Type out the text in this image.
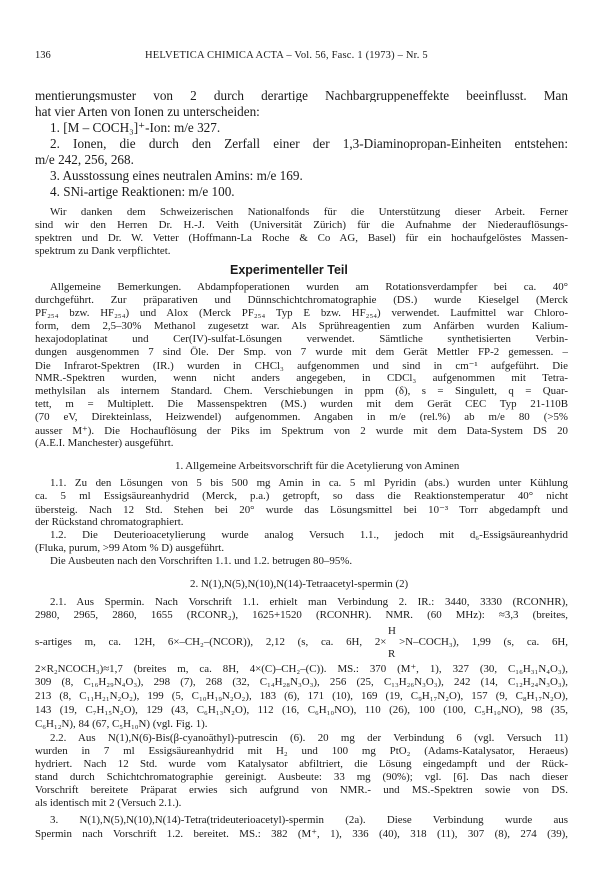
136	HELVETICA CHIMICA ACTA – Vol. 56, Fasc. 1 (1973) – Nr. 5

mentierungsmuster von 2 durch derartige Nachbargruppeneffekte beeinflusst. Man

hat vier Arten von Ionen zu unterscheiden:

1. [M – COCH₃]⁺-Ion: m/e 327.

2. Ionen, die durch den Zerfall einer der 1,3-Diaminopropan-Einheiten entstehen:

m/e 242, 256, 268.

3. Ausstossung eines neutralen Amins: m/e 169.

4. SNi-artige Reaktionen: m/e 100.

Wir danken dem Schweizerischen Nationalfonds für die Unterstützung dieser Arbeit. Ferner

sind wir den Herren Dr. H.-J. Veith (Universität Zürich) für die Aufnahme der Niederauflösungs-

spektren und Dr. W. Vetter (Hoffmann-La Roche & Co AG, Basel) für ein hochaufgelöstes Massen-

spektrum zu Dank verpflichtet.

Experimenteller Teil

Allgemeine Bemerkungen. Abdampfoperationen wurden am Rotationsverdampfer bei ca. 40°

durchgeführt. Zur präparativen und Dünnschichtchromatographie (DS.) wurde Kieselgel (Merck

PF₂₅₄ bzw. HF₂₅₄) und Alox (Merck PF₂₅₄ Typ E bzw. HF₂₅₄) verwendet. Laufmittel war Chloro-

form, dem 2,5–30% Methanol zugesetzt war. Als Sprühreagentien zum Anfärben wurden Kalium-

hexajodoplatinat und Cer(IV)-sulfat-Lösungen verwendet. Sämtliche synthetisierten Verbin-

dungen ausgenommen 7 sind Öle. Der Smp. von 7 wurde mit dem Gerät Mettler FP-2 gemessen. –

Die Infrarot-Spektren (IR.) wurden in CHCl₃ aufgenommen und sind in cm⁻¹ aufgeführt. Die

NMR.-Spektren wurden, wenn nicht anders angegeben, in CDCl₃ aufgenommen mit Tetra-

methylsilan als internem Standard. Chem. Verschiebungen in ppm (δ), s = Singulett, q = Quar-

tett, m = Multiplett. Die Massenspektren (MS.) wurden mit dem Gerät CEC Typ 21-110B

(70 eV, Direkteinlass, Heizwendel) aufgenommen. Angaben in m/e (rel.%) ab m/e 80 (>5%

ausser M⁺). Die Hochauflösung der Piks im Spektrum von 2 wurde mit dem Data-System DS 20

(A.E.I. Manchester) ausgeführt.

1. Allgemeine Arbeitsvorschrift für die Acetylierung von Aminen

1.1. Zu den Lösungen von 5 bis 500 mg Amin in ca. 5 ml Pyridin (abs.) wurden unter Kühlung

ca. 5 ml Essigsäureanhydrid (Merck, p.a.) getropft, so dass die Reaktionstemperatur 40° nicht

übersteig. Nach 12 Std. Stehen bei 20° wurde das Lösungsmittel bei 10⁻³ Torr abgedampft und

der Rückstand chromatographiert.

1.2. Die Deuterioacetylierung wurde analog Versuch 1.1., jedoch mit d₆-Essigsäureanhydrid

(Fluka, purum, >99 Atom % D) ausgeführt.

Die Ausbeuten nach den Vorschriften 1.1. und 1.2. betrugen 80–95%.

2. N(1),N(5),N(10),N(14)-Tetraacetyl-spermin (2)

2.1. Aus Spermin. Nach Vorschrift 1.1. erhielt man Verbindung 2. IR.: 3440, 3330 (RCONHR),

2980, 2965, 2860, 1655 (RCONR₂), 1625+1520 (RCONHR). NMR. (60 MHz): ≈3,3 (breites,

H

s-artiges m, ca. 12H, 6×–CH₂–(NCOR)), 2,12 (s, ca. 6H, 2× >N–COCH₃), 1,99 (s, ca. 6H,

R

2×R₂NCOCH₃)≈1,7 (breites m, ca. 8H, 4×(C)–CH₂–(C)). MS.: 370 (M⁺, 1), 327 (30, C₁₆H₃₁N₄O₃),

309 (8, C₁₆H₂₉N₄O₃), 298 (7), 268 (32, C₁₄H₂₈N₃O₃), 256 (25, C₁₃H₂₆N₃O₃), 242 (14, C₁₂H₂₄N₃O₃),

213 (8, C₁₁H₂₁N₂O₂), 199 (5, C₁₀H₁₉N₂O₂), 183 (6), 171 (10), 169 (19, C₉H₁₇N₂O), 157 (9, C₈H₁₇N₂O),

143 (19, C₇H₁₅N₂O), 129 (43, C₆H₁₃N₂O), 112 (16, C₆H₁₀NO), 110 (26), 100 (100, C₅H₁₀NO), 98 (35,

C₆H₁₂N), 84 (67, C₅H₁₀N) (vgl. Fig. 1).

2.2. Aus N(1),N(6)-Bis(β-cyanoäthyl)-putrescin (6). 20 mg der Verbindung 6 (vgl. Versuch 11)

wurden in 7 ml Essigsäureanhydrid mit H₂ und 100 mg PtO₂ (Adams-Katalysator, Heraeus)

hydriert. Nach 12 Std. wurde vom Katalysator abfiltriert, die Lösung eingedampft und der Rück-

stand durch Schichtchromatographie gereinigt. Ausbeute: 33 mg (90%); vgl. [6]. Das nach dieser

Vorschrift bereitete Präparat erwies sich aufgrund von NMR.- und MS.-Spektren sowie von DS.

als identisch mit 2 (Versuch 2.1.).

3. N(1),N(5),N(10),N(14)-Tetra(trideuterioacetyl)-spermin (2a). Diese Verbindung wurde aus

Spermin nach Vorschrift 1.2. bereitet. MS.: 382 (M⁺, 1), 336 (40), 318 (11), 307 (8), 274 (39),
